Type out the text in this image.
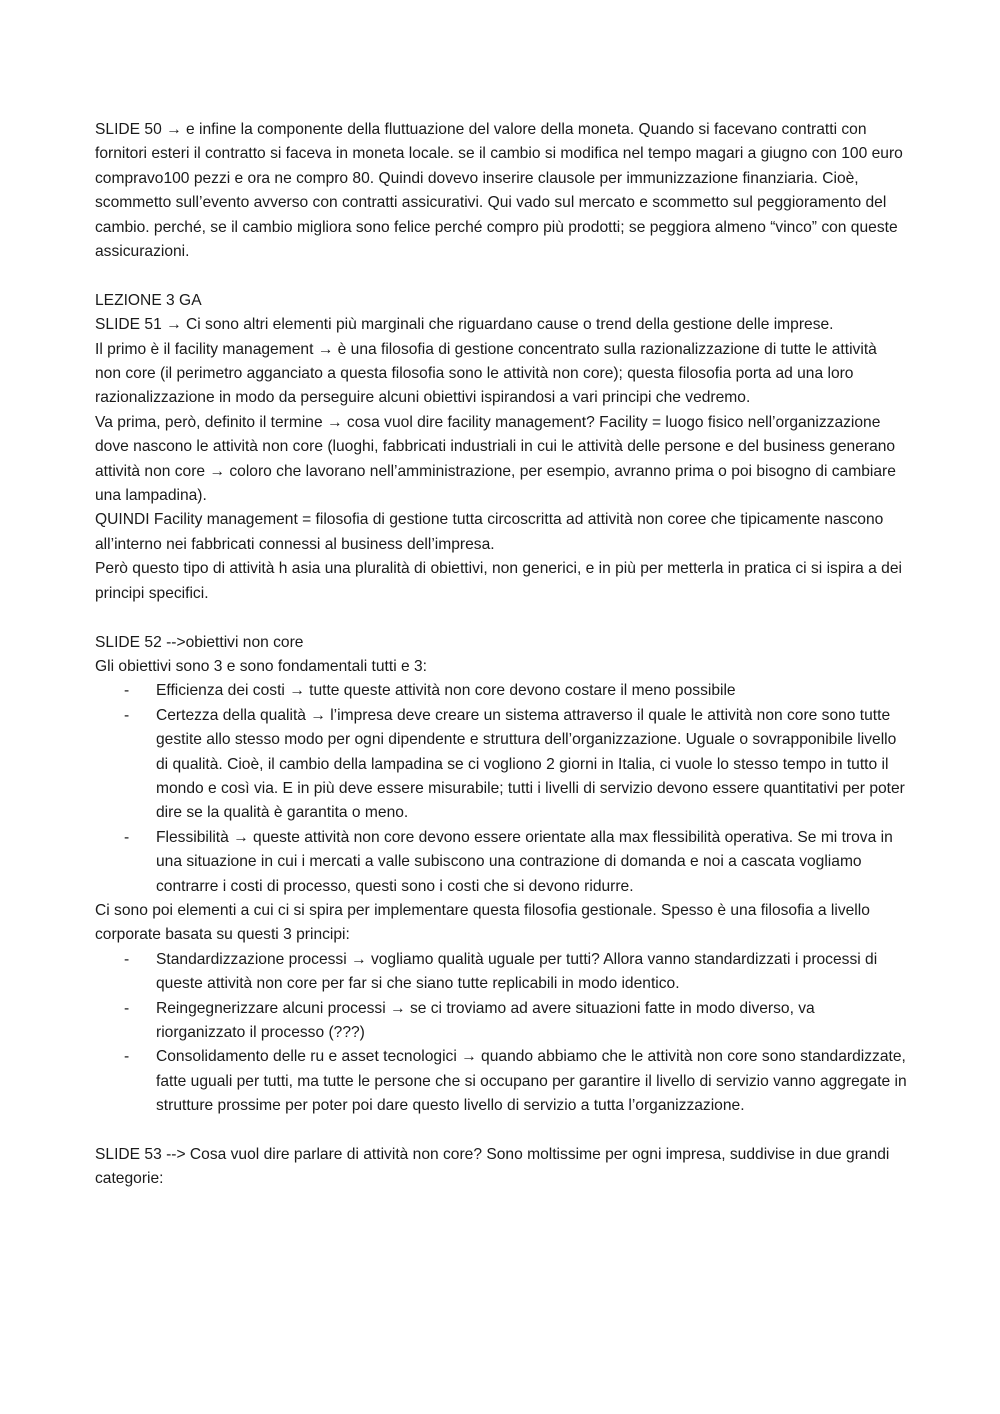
SLIDE 50 → e infine la componente della fluttuazione del valore della moneta. Quando si facevano contratti con fornitori esteri il contratto si faceva in moneta locale. se il cambio si modifica nel tempo magari a giugno con 100 euro compravo100 pezzi e ora ne compro 80. Quindi dovevo inserire clausole per immunizzazione finanziaria. Cioè, scommetto sull’evento avverso con contratti assicurativi. Qui vado sul mercato e scommetto sul peggioramento del cambio. perché, se il cambio migliora sono felice perché compro più prodotti; se peggiora almeno “vinco” con queste assicurazioni.

LEZIONE 3 GA

SLIDE 51 → Ci sono altri elementi più marginali che riguardano cause o trend della gestione delle imprese.

Il primo è il facility management → è una filosofia di gestione concentrato sulla razionalizzazione di tutte le attività non core (il perimetro agganciato a questa filosofia sono le attività non core); questa filosofia porta ad una loro razionalizzazione in modo da perseguire alcuni obiettivi ispirandosi a vari principi che vedremo.

Va prima, però, definito il termine → cosa vuol dire facility management? Facility = luogo fisico nell’organizzazione dove nascono le attività non core (luoghi, fabbricati industriali in cui le attività delle persone e del business generano attività non core → coloro che lavorano nell’amministrazione, per esempio, avranno prima o poi bisogno di cambiare una lampadina).

QUINDI Facility management = filosofia di gestione tutta circoscritta ad attività non coree che tipicamente nascono all’interno nei fabbricati connessi al business dell’impresa.

Però questo tipo di attività h asia una pluralità di obiettivi, non generici, e in più per metterla in pratica ci si ispira a dei principi specifici.

SLIDE 52 -->obiettivi non core

Gli obiettivi sono 3 e sono fondamentali tutti e 3:

- Efficienza dei costi → tutte queste attività non core devono costare il meno possibile
- Certezza della qualità → l’impresa deve creare un sistema attraverso il quale le attività non core sono tutte gestite allo stesso modo per ogni dipendente e struttura dell’organizzazione. Uguale o sovrapponibile livello di qualità. Cioè, il cambio della lampadina se ci vogliono 2 giorni in Italia, ci vuole lo stesso tempo in tutto il mondo e così via. E in più deve essere misurabile; tutti i livelli di servizio devono essere quantitativi per poter dire se la qualità è garantita o meno.
- Flessibilità → queste attività non core devono essere orientate alla max flessibilità operativa. Se mi trova in una situazione in cui i mercati a valle subiscono una contrazione di domanda e noi a cascata vogliamo contrarre i costi di processo, questi sono i costi che si devono ridurre.

Ci sono poi elementi a cui ci si spira per implementare questa filosofia gestionale. Spesso è una filosofia a livello corporate basata su questi 3 principi:

- Standardizzazione processi → vogliamo qualità uguale per tutti? Allora vanno standardizzati i processi di queste attività non core per far si che siano tutte replicabili in modo identico.
- Reingegnerizzare alcuni processi → se ci troviamo ad avere situazioni fatte in modo diverso, va riorganizzato il processo (???)
- Consolidamento delle ru e asset tecnologici → quando abbiamo che le attività non core sono standardizzate, fatte uguali per tutti, ma tutte le persone che si occupano per garantire il livello di servizio vanno aggregate in strutture prossime per poter poi dare questo livello di servizio a tutta l’organizzazione.

SLIDE 53 --> Cosa vuol dire parlare di attività non core? Sono moltissime per ogni impresa, suddivise in due grandi categorie:
